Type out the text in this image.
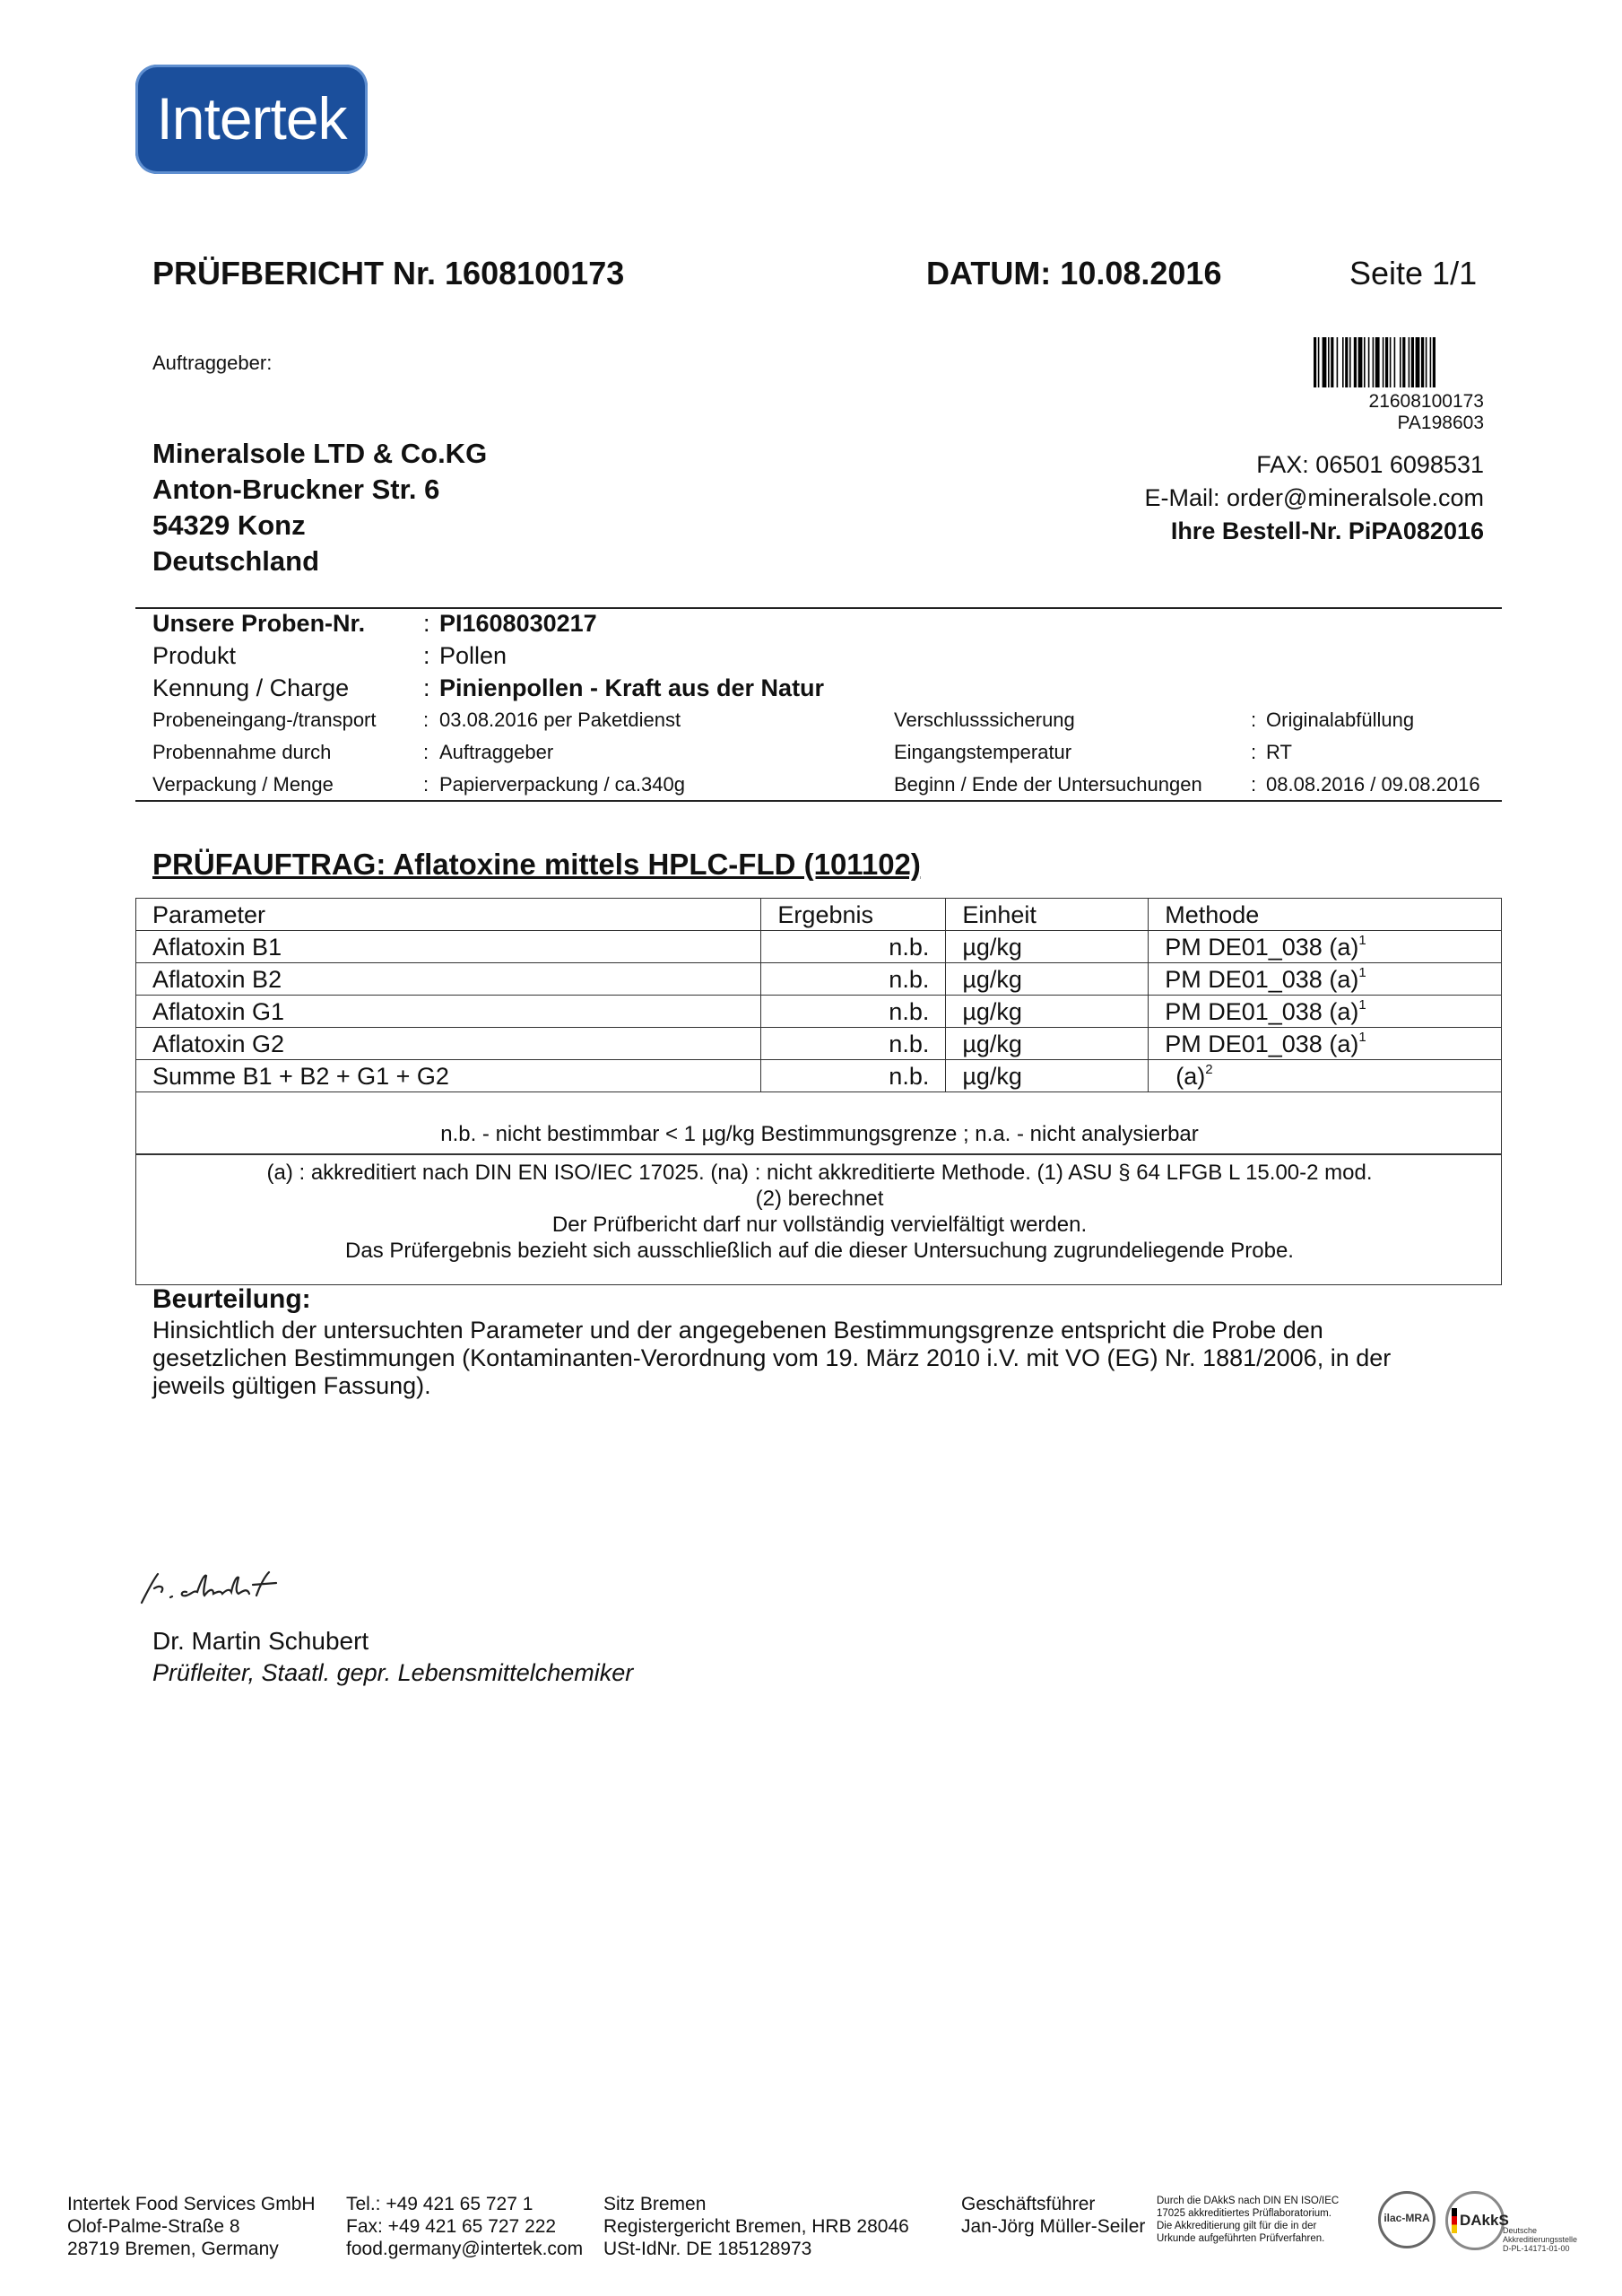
Intertek
PRÜFBERICHT Nr. 1608100173	DATUM: 10.08.2016	Seite 1/1
Auftraggeber:
Mineralsole LTD & Co.KG
Anton-Bruckner Str. 6
54329 Konz
Deutschland
21608100173
PA198603
FAX: 06501 6098531
E-Mail: order@mineralsole.com
Ihre Bestell-Nr. PiPA082016
Unsere Proben-Nr. : PI1608030217
Produkt	: Pollen
Kennung / Charge	: Pinienpollen - Kraft aus der Natur
Probeneingang-/transport : 03.08.2016 per Paketdienst	Verschlusssicherung	: Originalabfüllung
Probennahme durch	: Auftraggeber	Eingangstemperatur	: RT
Verpackung / Menge	: Papierverpackung / ca.340g	Beginn / Ende der Untersuchungen : 08.08.2016 / 09.08.2016
PRÜFAUFTRAG: Aflatoxine mittels HPLC-FLD (101102)
Parameter	Ergebnis	Einheit	Methode
Aflatoxin B1	n.b.	µg/kg	PM DE01_038 $(a)^1$
Aflatoxin B2	n.b.	µg/kg	PM DE01_038 $(a)^1$
Aflatoxin G1	n.b.	µg/kg	PM DE01_038 $(a)^1$
Aflatoxin G2	n.b.	µg/kg	PM DE01_038 $(a)^1$
Summe B1 + B2 + G1 + G2	n.b.	µg/kg	$(a)^2$
n.b. - nicht bestimmbar < 1 µg/kg Bestimmungsgrenze ; n.a. - nicht analysierbar
(a) : akkreditiert nach DIN EN ISO/IEC 17025. (na) : nicht akkreditierte Methode. (1) ASU § 64 LFGB L 15.00-2 mod.
(2) berechnet
Der Prüfbericht darf nur vollständig vervielfältigt werden.
Das Prüfergebnis bezieht sich ausschließlich auf die dieser Untersuchung zugrundeliegende Probe.
Beurteilung:
Hinsichtlich der untersuchten Parameter und der angegebenen Bestimmungsgrenze entspricht die Probe den gesetzlichen Bestimmungen (Kontaminanten-Verordnung vom 19. März 2010 i.V. mit VO (EG) Nr. 1881/2006, in der jeweils gültigen Fassung).
Dr. Martin Schubert
Prüfleiter, Staatl. gepr. Lebensmittelchemiker
Intertek Food Services GmbH
Olof-Palme-Straße 8
28719 Bremen, Germany
Tel.: +49 421 65 727 1
Fax: +49 421 65 727 222
food.germany@intertek.com
Sitz Bremen
Registergericht Bremen, HRB 28046
USt-IdNr. DE 185128973
Geschäftsführer
Jan-Jörg Müller-Seiler
Durch die DAkkS nach DIN EN ISO/IEC
17025 akkreditiertes Prüflaboratorium.
Die Akkreditierung gilt für die in der
Urkunde aufgeführten Prüfverfahren.
ilac-MRA DAkkS
Deutsche
Akkreditierungsstelle
D-PL-14171-01-00
